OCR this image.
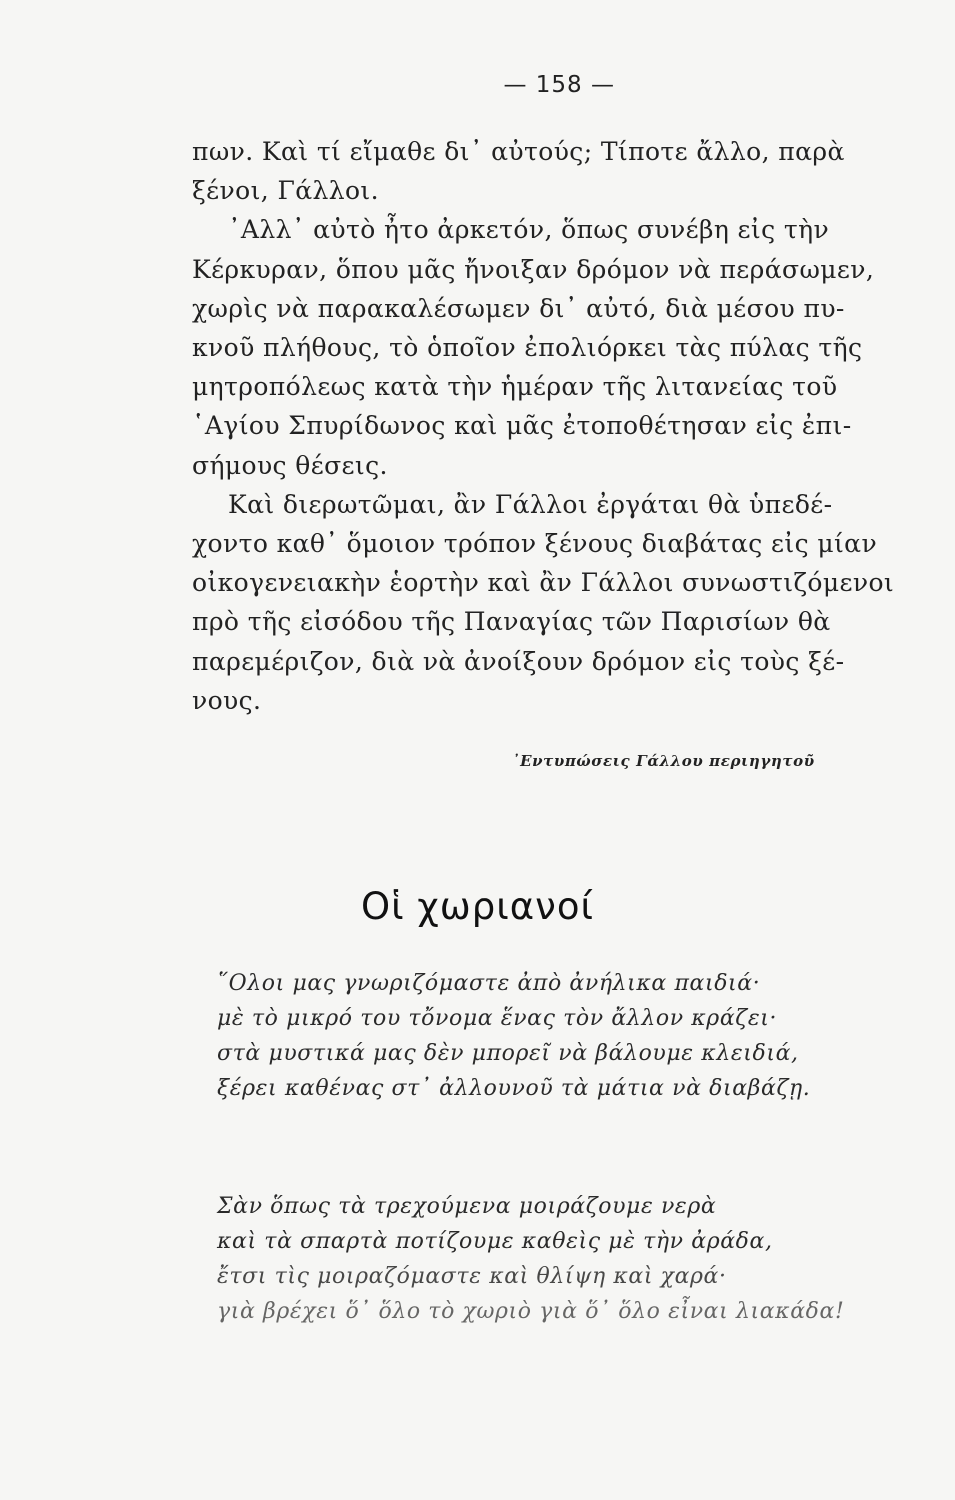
— 158 —
πων. Καὶ τί εἴμαθε δι᾿ αὐτούς; Τίποτε ἄλλο, παρὰ
ξένοι, Γάλλοι.
᾿Αλλ᾿ αὐτὸ ἦτο ἀρκετόν, ὅπως συνέβη εἰς τὴν
Κέρκυραν, ὅπου μᾶς ἤνοιξαν δρόμον νὰ περάσωμεν,
χωρὶς νὰ παρακαλέσωμεν δι᾿ αὐτό, διὰ μέσου πυ-
κνοῦ πλήθους, τὸ ὁποῖον ἐπολιόρκει τὰς πύλας τῆς
μητροπόλεως κατὰ τὴν ἡμέραν τῆς λιτανείας τοῦ
῾Αγίου Σπυρίδωνος καὶ μᾶς ἐτοποθέτησαν εἰς ἐπι-
σήμους θέσεις.
Καὶ διερωτῶμαι, ἂν Γάλλοι ἐργάται θὰ ὑπεδέ-
χοντο καθ᾿ ὅμοιον τρόπον ξένους διαβάτας εἰς μίαν
οἰκογενειακὴν ἑορτὴν καὶ ἂν Γάλλοι συνωστιζόμενοι
πρὸ τῆς εἰσόδου τῆς Παναγίας τῶν Παρισίων θὰ
παρεμέριζον, διὰ νὰ ἀνοίξουν δρόμον εἰς τοὺς ξέ-
νους.
᾿Εντυπώσεις Γάλλου περιηγητοῦ
Οἱ χωριανοί
῞Ολοι μας γνωριζόμαστε ἀπὸ ἀνήλικα παιδιά·
μὲ τὸ μικρό του τὄνομα ἕνας τὸν ἄλλον κράζει·
στὰ μυστικά μας δὲν μπορεῖ νὰ βάλουμε κλειδιά,
ξέρει καθένας στ᾿ ἀλλουνοῦ τὰ μάτια νὰ διαβάζῃ.
Σὰν ὅπως τὰ τρεχούμενα μοιράζουμε νερὰ
καὶ τὰ σπαρτὰ ποτίζουμε καθεὶς μὲ τὴν ἀράδα,
ἔτσι τὶς μοιραζόμαστε καὶ θλίψη καὶ χαρά·
γιὰ βρέχει ὅ᾿ ὅλο τὸ χωριὸ γιὰ ὅ᾿ ὅλο εἶναι λιακάδα!
